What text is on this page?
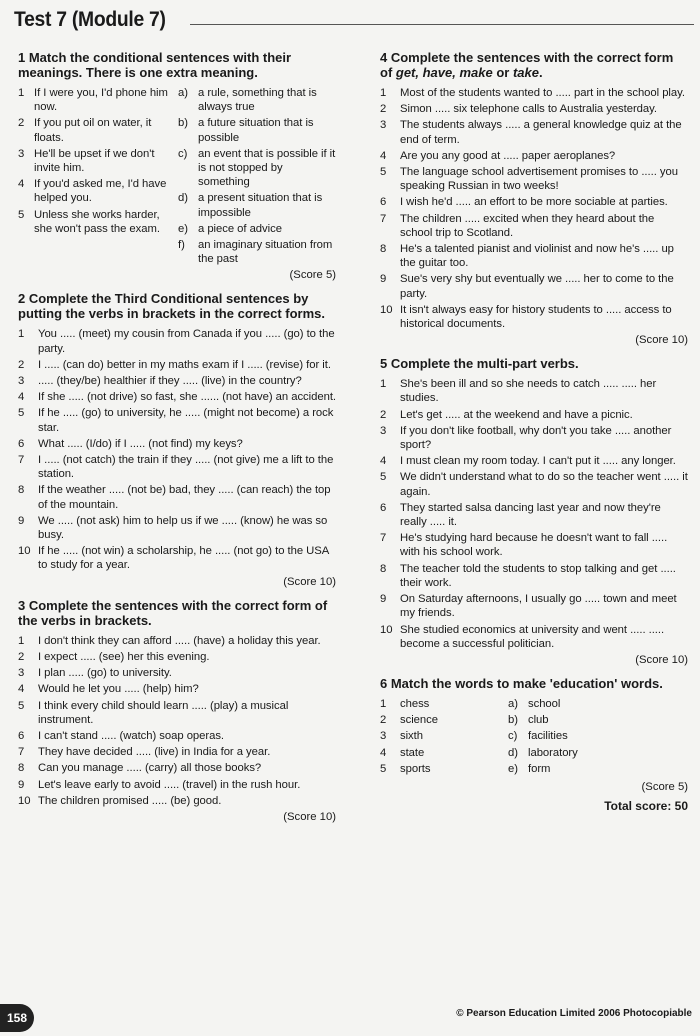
Test 7 (Module 7)
1 Match the conditional sentences with their meanings. There is one extra meaning.
1 If I were you, I'd phone him now.
2 If you put oil on water, it floats.
3 He'll be upset if we don't invite him.
4 If you'd asked me, I'd have helped you.
5 Unless she works harder, she won't pass the exam.
a) a rule, something that is always true
b) a future situation that is possible
c) an event that is possible if it is not stopped by something
d) a present situation that is impossible
e) a piece of advice
f)	an imaginary situation from the past
(Score 5)
2 Complete the Third Conditional sentences by putting the verbs in brackets in the correct forms.
1	You ..... (meet) my cousin from Canada if you ..... (go) to the party.
2	I ..... (can do) better in my maths exam if I ..... (revise) for it.
3	..... (they/be) healthier if they ..... (live) in the country?
4	If she ..... (not drive) so fast, she ...... (not have) an accident.
5	If he ..... (go) to university, he ..... (might not become) a rock star.
6	What ..... (I/do) if I ..... (not find) my keys?
7	I ..... (not catch) the train if they ..... (not give) me a lift to the station.
8	If the weather ..... (not be) bad, they ..... (can reach) the top of the mountain.
9	We ..... (not ask) him to help us if we ..... (know) he was so busy.
10 If he ..... (not win) a scholarship, he ..... (not go) to the USA to study for a year.
(Score 10)
3 Complete the sentences with the correct form of the verbs in brackets.
1	I don't think they can afford ..... (have) a holiday this year.
2	I expect ..... (see) her this evening.
3	I plan ..... (go) to university.
4	Would he let you ..... (help) him?
5	I think every child should learn ..... (play) a musical instrument.
6	I can't stand ..... (watch) soap operas.
7	They have decided ..... (live) in India for a year.
8	Can you manage ..... (carry) all those books?
9	Let's leave early to avoid ..... (travel) in the rush hour.
10 The children promised ..... (be) good.
(Score 10)
4 Complete the sentences with the correct form of get, have, make or take.
1	Most of the students wanted to ..... part in the school play.
2	Simon ..... six telephone calls to Australia yesterday.
3	The students always ..... a general knowledge quiz at the end of term.
4	Are you any good at ..... paper aeroplanes?
5	The language school advertisement promises to ..... you speaking Russian in two weeks!
6	I wish he'd ..... an effort to be more sociable at parties.
7	The children ..... excited when they heard about the school trip to Scotland.
8	He's a talented pianist and violinist and now he's ..... up the guitar too.
9	Sue's very shy but eventually we ..... her to come to the party.
10 It isn't always easy for history students to ..... access to historical documents.
(Score 10)
5 Complete the multi-part verbs.
1	She's been ill and so she needs to catch ..... ..... her studies.
2	Let's get ..... at the weekend and have a picnic.
3	If you don't like football, why don't you take ..... another sport?
4	I must clean my room today. I can't put it ..... any longer.
5	We didn't understand what to do so the teacher went ..... it again.
6	They started salsa dancing last year and now they're really ..... it.
7	He's studying hard because he doesn't want to fall ..... with his school work.
8	The teacher told the students to stop talking and get ..... their work.
9	On Saturday afternoons, I usually go ..... town and meet my friends.
10 She studied economics at university and went ..... ..... become a successful politician.
(Score 10)
6 Match the words to make 'education' words.
1	chess
2	science
3	sixth
4	state
5	sports
a) school
b) club
c) facilities
d) laboratory
e) form
(Score 5)
Total score: 50
158	© Pearson Education Limited 2006 Photocopiable
